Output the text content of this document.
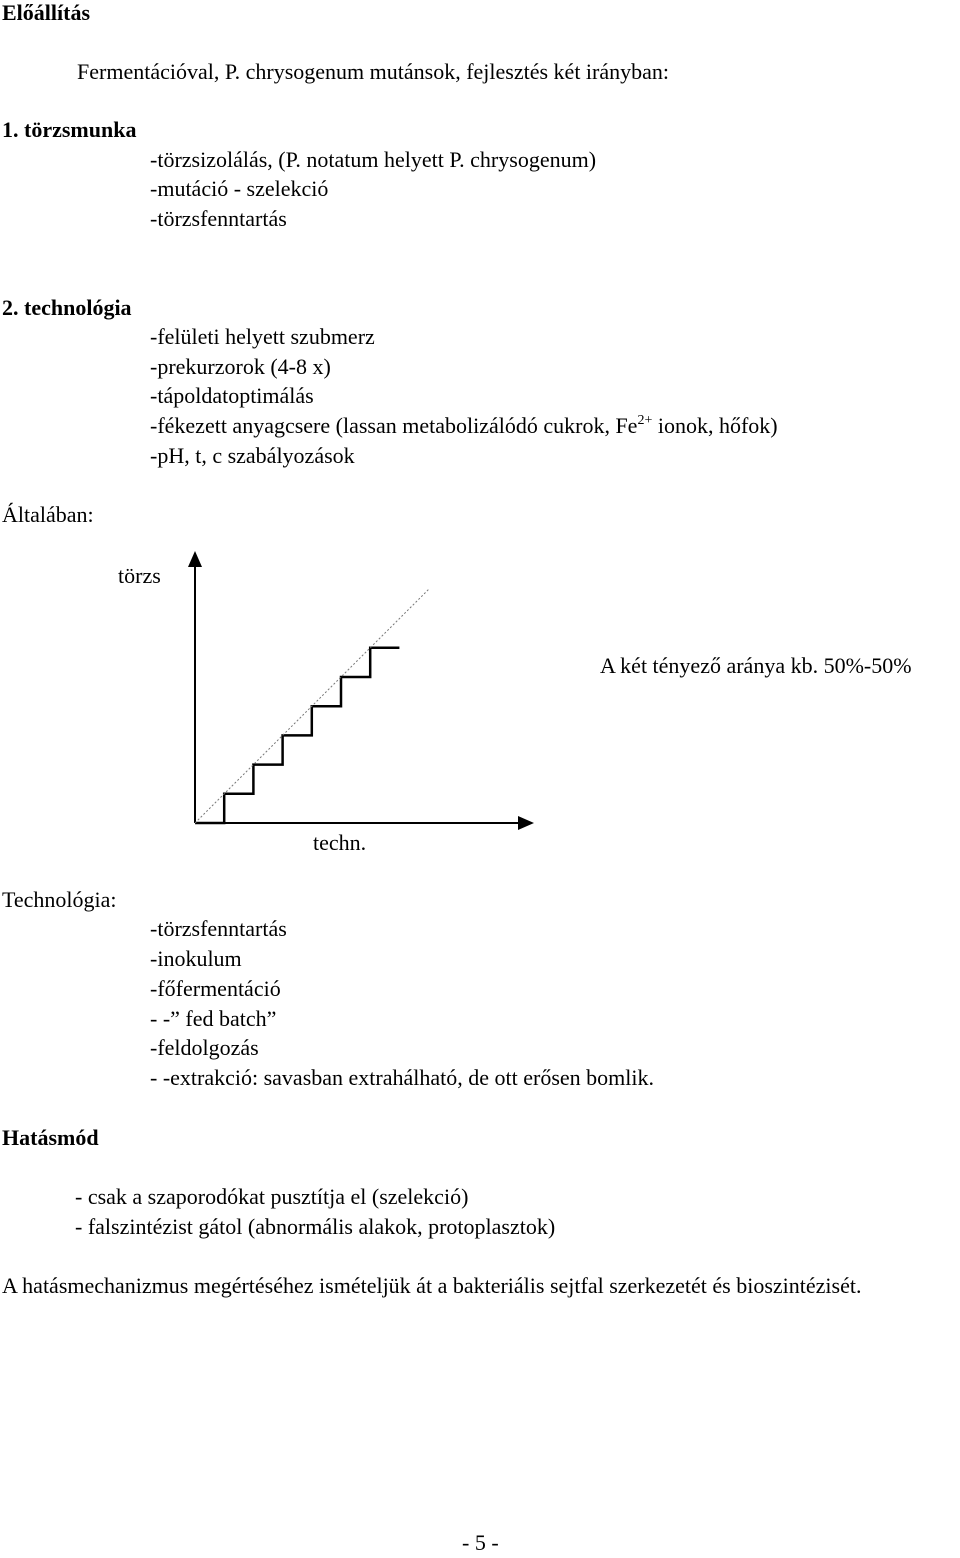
Előállítás
Fermentációval, P. chrysogenum mutánsok, fejlesztés két irányban:
1. törzsmunka
-törzsizolálás, (P. notatum helyett P. chrysogenum)
-mutáció - szelekció
-törzsfenntartás
2. technológia
-felületi helyett szubmerz
-prekurzorok (4-8 x)
-tápoldatoptimálás
-fékezett anyagcsere (lassan metabolizálódó cukrok, $Fe^{2+}$ ionok, hőfok)
-pH, t, c szabályozások
Általában:
törzs
techn.
A két tényező aránya kb. 50%-50%
Technológia:
-törzsfenntartás
-inokulum
-főfermentáció
- -” fed batch”
-feldolgozás
- -extrakció: savasban extrahálható, de ott erősen bomlik.
Hatásmód
- csak a szaporodókat pusztítja el (szelekció)
- falszintézist gátol (abnormális alakok, protoplasztok)
A hatásmechanizmus megértéséhez ismételjük át a bakteriális sejtfal szerkezetét és bioszintézisét.
- 5 -
